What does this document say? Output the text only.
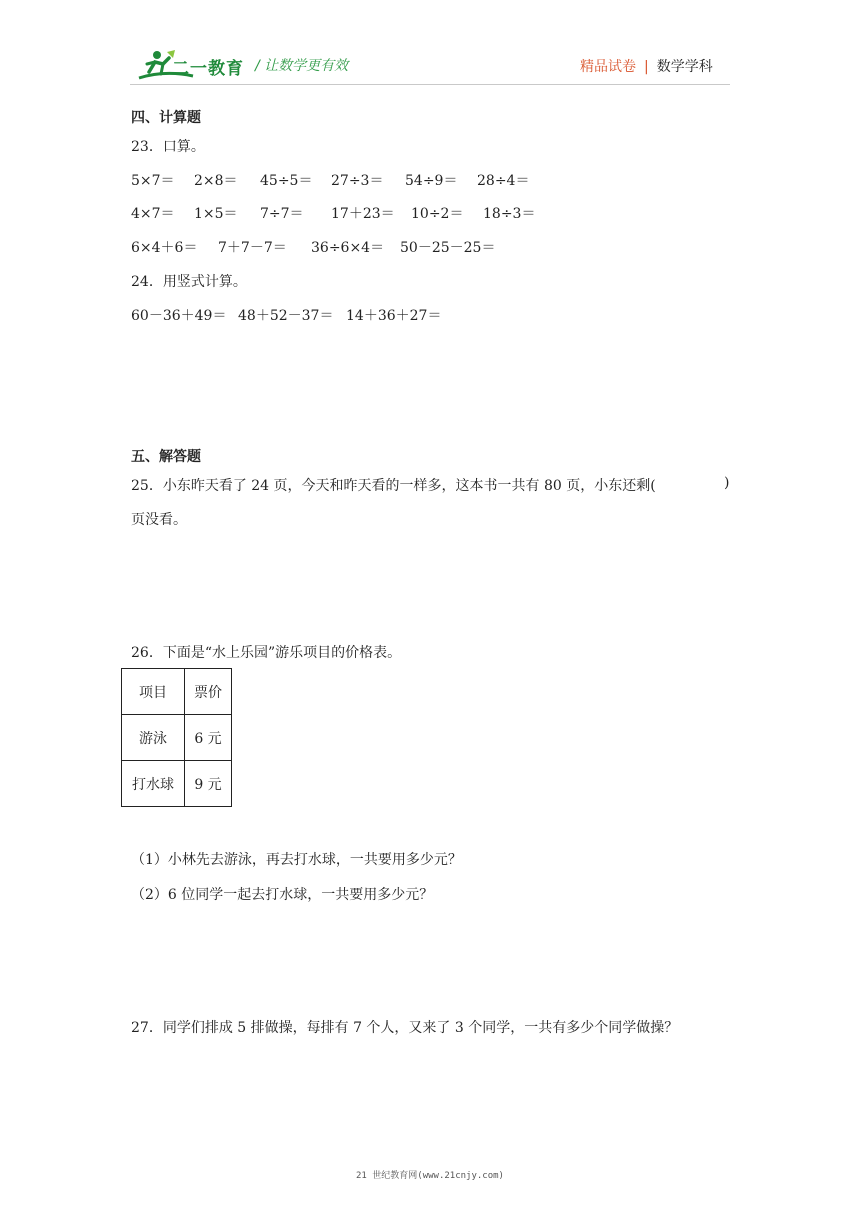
二一教育 / 让数学更有效	精品试卷 | 数学学科
四、计算题
23．口算。
5×7＝ 2×8＝ 45÷5＝ 27÷3＝ 54÷9＝ 28÷4＝
4×7＝ 1×5＝ 7÷7＝ 17＋23＝ 10÷2＝ 18÷3＝
6×4＋6＝ 7＋7－7＝ 36÷6×4＝ 50－25－25＝
24．用竖式计算。
60－36＋49＝ 48＋52－37＝ 14＋36＋27＝
五、解答题
25．小东昨天看了 24 页，今天和昨天看的一样多，这本书一共有 80 页，小东还剩(	)
页没看。
26．下面是“水上乐园”游乐项目的价格表。
项目	票价
游泳	6 元
打水球	9 元
（1）小林先去游泳，再去打水球，一共要用多少元？
（2）6 位同学一起去打水球，一共要用多少元？
27．同学们排成 5 排做操，每排有 7 个人，又来了 3 个同学，一共有多少个同学做操？
21 世纪教育网(www.21cnjy.com)
